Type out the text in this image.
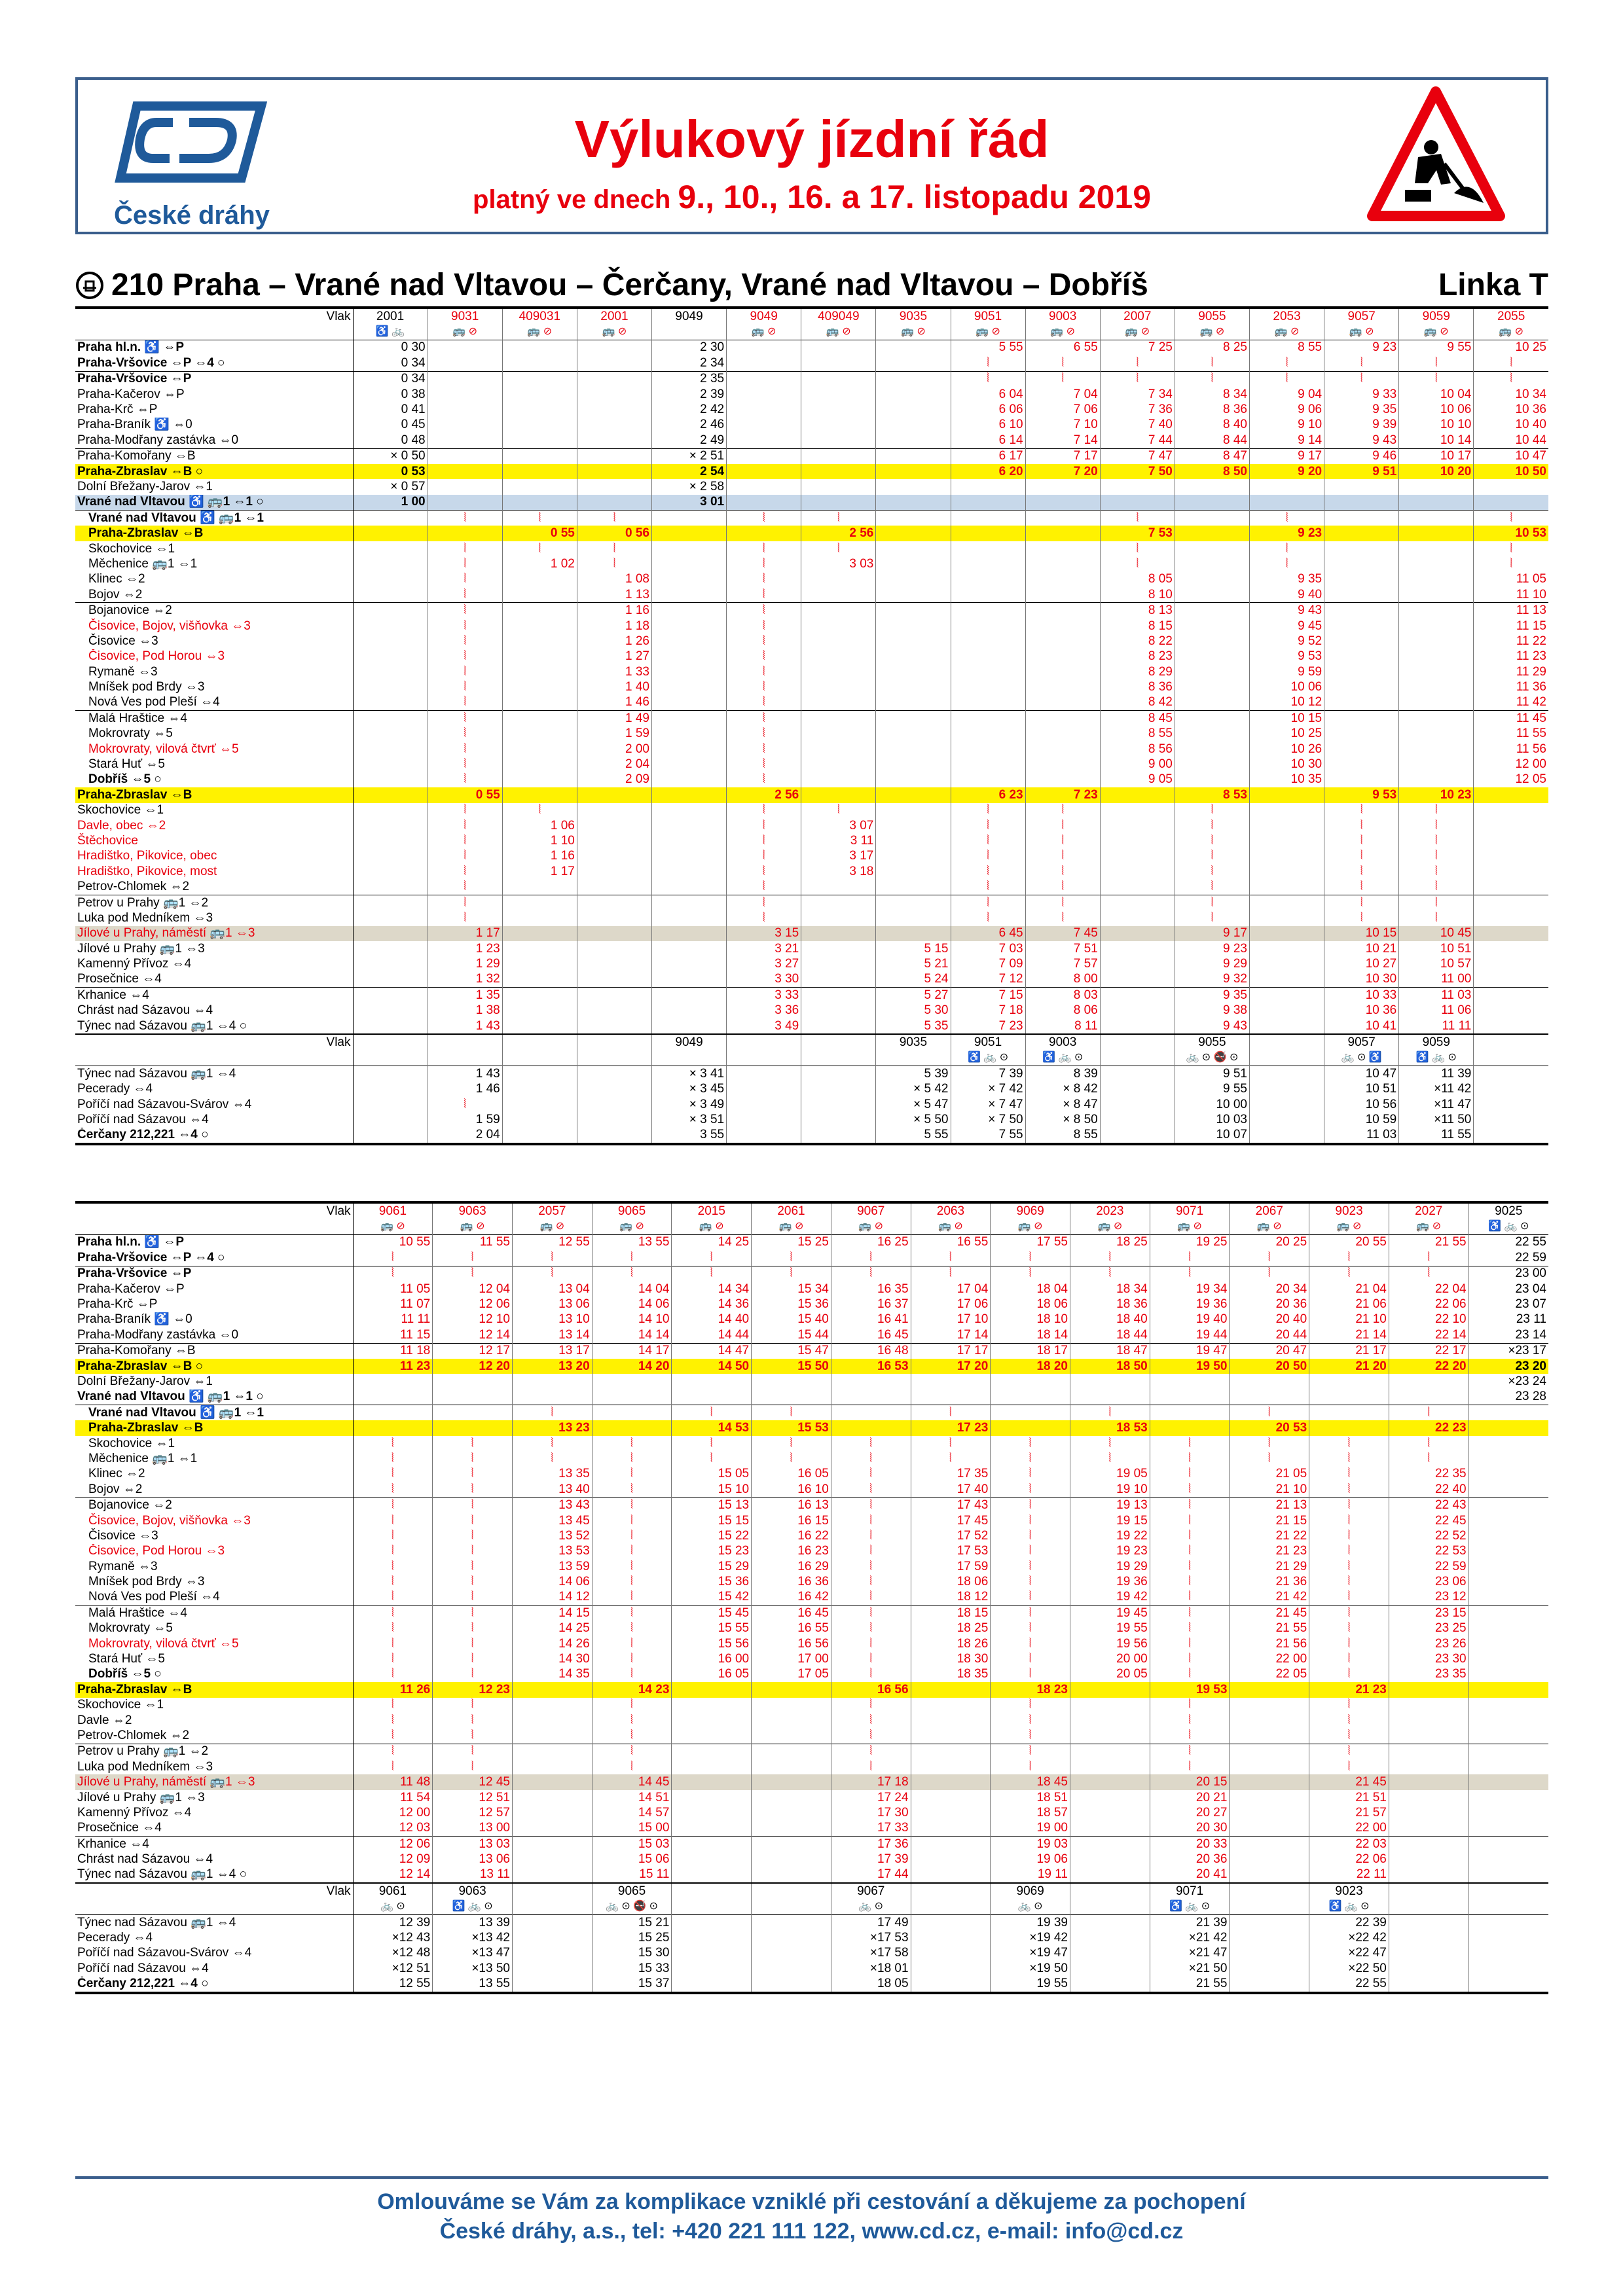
České dráhy
Výlukový jízdní řád
platný ve dnech 9., 10., 16. a 17. listopadu 2019
210 Praha – Vrané nad Vltavou – Čerčany, Vrané nad Vltavou – Dobříš	Linka T
Vlak	2001	9031	409031	2001	9049	9049	409049	9035	9051	9003	2007	9055	2053	9057	9059	2055
	♿ 🚲	🚌 ⊘	🚌 ⊘	🚌 ⊘		🚌 ⊘	🚌 ⊘	🚌 ⊘	🚌 ⊘	🚌 ⊘	🚌 ⊘	🚌 ⊘	🚌 ⊘	🚌 ⊘	🚌 ⊘	🚌 ⊘
Praha hl.n. ♿ ⇔P	0 30				2 30				5 55	6 55	7 25	8 25	8 55	9 23	9 55	10 25
Praha-Vršovice ⇔P ⇔4 ○	0 34				2 34				⦚	⦚	⦚	⦚	⦚	⦚	⦚	⦚
Praha-Vršovice ⇔P	0 34				2 35				⦚	⦚	⦚	⦚	⦚	⦚	⦚	⦚
Praha-Kačerov ⇔P	0 38				2 39				6 04	7 04	7 34	8 34	9 04	9 33	10 04	10 34
Praha-Krč ⇔P	0 41				2 42				6 06	7 06	7 36	8 36	9 06	9 35	10 06	10 36
Praha-Braník ♿ ⇔0	0 45				2 46				6 10	7 10	7 40	8 40	9 10	9 39	10 10	10 40
Praha-Modřany zastávka ⇔0	0 48				2 49				6 14	7 14	7 44	8 44	9 14	9 43	10 14	10 44
Praha-Komořany ⇔B	× 0 50				× 2 51				6 17	7 17	7 47	8 47	9 17	9 46	10 17	10 47
Praha-Zbraslav ⇔B ○	0 53				2 54				6 20	7 20	7 50	8 50	9 20	9 51	10 20	10 50
Dolní Břežany-Jarov ⇔1	× 0 57				× 2 58											
Vrané nad Vltavou ♿ 🚌1 ⇔1 ○	1 00				3 01											
Vrané nad Vltavou ♿ 🚌1 ⇔1		⦚	⦚	⦚		⦚	⦚				⦚		⦚			⦚
Praha-Zbraslav ⇔B			0 55	0 56			2 56				7 53		9 23			10 53
Skochovice ⇔1		⦚	⦚	⦚		⦚	⦚				⦚		⦚			⦚
Měchenice 🚌1 ⇔1		⦚	1 02	⦚		⦚	3 03				⦚		⦚			⦚
Klinec ⇔2		⦚		1 08		⦚					8 05		9 35			11 05
Bojov ⇔2		⦚		1 13		⦚					8 10		9 40			11 10
Bojanovice ⇔2		⦚		1 16		⦚					8 13		9 43			11 13
Čisovice, Bojov, višňovka ⇔3		⦚		1 18		⦚					8 15		9 45			11 15
Čisovice ⇔3		⦚		1 26		⦚					8 22		9 52			11 22
Čisovice, Pod Horou ⇔3		⦚		1 27		⦚					8 23		9 53			11 23
Rymaně ⇔3		⦚		1 33		⦚					8 29		9 59			11 29
Mníšek pod Brdy ⇔3		⦚		1 40		⦚					8 36		10 06			11 36
Nová Ves pod Pleší ⇔4		⦚		1 46		⦚					8 42		10 12			11 42
Malá Hraštice ⇔4		⦚		1 49		⦚					8 45		10 15			11 45
Mokrovraty ⇔5		⦚		1 59		⦚					8 55		10 25			11 55
Mokrovraty, vilová čtvrť ⇔5		⦚		2 00		⦚					8 56		10 26			11 56
Stará Huť ⇔5		⦚		2 04		⦚					9 00		10 30			12 00
Dobříš ⇔5 ○		⦚		2 09		⦚					9 05		10 35			12 05
Praha-Zbraslav ⇔B		0 55				2 56			6 23	7 23		8 53		9 53	10 23	
Skochovice ⇔1		⦚	⦚			⦚	⦚		⦚	⦚		⦚		⦚	⦚	
Davle, obec ⇔2		⦚	1 06			⦚	3 07		⦚	⦚		⦚		⦚	⦚	
Štěchovice		⦚	1 10			⦚	3 11		⦚	⦚		⦚		⦚	⦚	
Hradištko, Pikovice, obec		⦚	1 16			⦚	3 17		⦚	⦚		⦚		⦚	⦚	
Hradištko, Pikovice, most		⦚	1 17			⦚	3 18		⦚	⦚		⦚		⦚	⦚	
Petrov-Chlomek ⇔2		⦚				⦚			⦚	⦚		⦚		⦚	⦚	
Petrov u Prahy 🚌1 ⇔2		⦚				⦚			⦚	⦚		⦚		⦚	⦚	
Luka pod Medníkem ⇔3		⦚				⦚			⦚	⦚		⦚		⦚	⦚	
Jílové u Prahy, náměstí 🚌1 ⇔3		1 17				3 15			6 45	7 45		9 17		10 15	10 45	
Jílové u Prahy 🚌1 ⇔3		1 23				3 21		5 15	7 03	7 51		9 23		10 21	10 51	
Kamenný Přívoz ⇔4		1 29				3 27		5 21	7 09	7 57		9 29		10 27	10 57	
Prosečnice ⇔4		1 32				3 30		5 24	7 12	8 00		9 32		10 30	11 00	
Krhanice ⇔4		1 35				3 33		5 27	7 15	8 03		9 35		10 33	11 03	
Chrást nad Sázavou ⇔4		1 38				3 36		5 30	7 18	8 06		9 38		10 36	11 06	
Týnec nad Sázavou 🚌1 ⇔4 ○		1 43				3 49		5 35	7 23	8 11		9 43		10 41	11 11	
Vlak					9049			9035	9051	9003		9055		9057	9059	
									♿ 🚲 ⊙	♿ 🚲 ⊙		🚲 ⊙ 🚭 ⊙		🚲 ⊙ ♿	♿ 🚲 ⊙	
Týnec nad Sázavou 🚌1 ⇔4		1 43			× 3 41			5 39	7 39	8 39		9 51		10 47	11 39	
Pecerady ⇔4		1 46			× 3 45			× 5 42	× 7 42	× 8 42		9 55		10 51	×11 42	
Poříčí nad Sázavou-Svárov ⇔4		⦚			× 3 49			× 5 47	× 7 47	× 8 47		10 00		10 56	×11 47	
Poříčí nad Sázavou ⇔4		1 59			× 3 51			× 5 50	× 7 50	× 8 50		10 03		10 59	×11 50	
Čerčany 212,221 ⇔4 ○		2 04			3 55			5 55	7 55	8 55		10 07		11 03	11 55	
Vlak	9061	9063	2057	9065	2015	2061	9067	2063	9069	2023	9071	2067	9023	2027	9025
	🚌 ⊘	🚌 ⊘	🚌 ⊘	🚌 ⊘	🚌 ⊘	🚌 ⊘	🚌 ⊘	🚌 ⊘	🚌 ⊘	🚌 ⊘	🚌 ⊘	🚌 ⊘	🚌 ⊘	🚌 ⊘	♿ 🚲 ⊙
Praha hl.n. ♿ ⇔P	10 55	11 55	12 55	13 55	14 25	15 25	16 25	16 55	17 55	18 25	19 25	20 25	20 55	21 55	22 55
Praha-Vršovice ⇔P ⇔4 ○	⦚	⦚	⦚	⦚	⦚	⦚	⦚	⦚	⦚	⦚	⦚	⦚	⦚	⦚	22 59
Praha-Vršovice ⇔P	⦚	⦚	⦚	⦚	⦚	⦚	⦚	⦚	⦚	⦚	⦚	⦚	⦚	⦚	23 00
Praha-Kačerov ⇔P	11 05	12 04	13 04	14 04	14 34	15 34	16 35	17 04	18 04	18 34	19 34	20 34	21 04	22 04	23 04
Praha-Krč ⇔P	11 07	12 06	13 06	14 06	14 36	15 36	16 37	17 06	18 06	18 36	19 36	20 36	21 06	22 06	23 07
Praha-Braník ♿ ⇔0	11 11	12 10	13 10	14 10	14 40	15 40	16 41	17 10	18 10	18 40	19 40	20 40	21 10	22 10	23 11
Praha-Modřany zastávka ⇔0	11 15	12 14	13 14	14 14	14 44	15 44	16 45	17 14	18 14	18 44	19 44	20 44	21 14	22 14	23 14
Praha-Komořany ⇔B	11 18	12 17	13 17	14 17	14 47	15 47	16 48	17 17	18 17	18 47	19 47	20 47	21 17	22 17	×23 17
Praha-Zbraslav ⇔B ○	11 23	12 20	13 20	14 20	14 50	15 50	16 53	17 20	18 20	18 50	19 50	20 50	21 20	22 20	23 20
Dolní Břežany-Jarov ⇔1															×23 24
Vrané nad Vltavou ♿ 🚌1 ⇔1 ○															23 28
Vrané nad Vltavou ♿ 🚌1 ⇔1			⦚		⦚	⦚		⦚		⦚		⦚		⦚	
Praha-Zbraslav ⇔B			13 23		14 53	15 53		17 23		18 53		20 53		22 23	
Skochovice ⇔1	⦚	⦚	⦚	⦚	⦚	⦚	⦚	⦚	⦚	⦚	⦚	⦚	⦚	⦚	
Měchenice 🚌1 ⇔1	⦚	⦚	⦚	⦚	⦚	⦚	⦚	⦚	⦚	⦚	⦚	⦚	⦚	⦚	
Klinec ⇔2	⦚	⦚	13 35	⦚	15 05	16 05	⦚	17 35	⦚	19 05	⦚	21 05	⦚	22 35	
Bojov ⇔2	⦚	⦚	13 40	⦚	15 10	16 10	⦚	17 40	⦚	19 10	⦚	21 10	⦚	22 40	
Bojanovice ⇔2	⦚	⦚	13 43	⦚	15 13	16 13	⦚	17 43	⦚	19 13	⦚	21 13	⦚	22 43	
Čisovice, Bojov, višňovka ⇔3	⦚	⦚	13 45	⦚	15 15	16 15	⦚	17 45	⦚	19 15	⦚	21 15	⦚	22 45	
Čisovice ⇔3	⦚	⦚	13 52	⦚	15 22	16 22	⦚	17 52	⦚	19 22	⦚	21 22	⦚	22 52	
Čisovice, Pod Horou ⇔3	⦚	⦚	13 53	⦚	15 23	16 23	⦚	17 53	⦚	19 23	⦚	21 23	⦚	22 53	
Rymaně ⇔3	⦚	⦚	13 59	⦚	15 29	16 29	⦚	17 59	⦚	19 29	⦚	21 29	⦚	22 59	
Mníšek pod Brdy ⇔3	⦚	⦚	14 06	⦚	15 36	16 36	⦚	18 06	⦚	19 36	⦚	21 36	⦚	23 06	
Nová Ves pod Pleší ⇔4	⦚	⦚	14 12	⦚	15 42	16 42	⦚	18 12	⦚	19 42	⦚	21 42	⦚	23 12	
Malá Hraštice ⇔4	⦚	⦚	14 15	⦚	15 45	16 45	⦚	18 15	⦚	19 45	⦚	21 45	⦚	23 15	
Mokrovraty ⇔5	⦚	⦚	14 25	⦚	15 55	16 55	⦚	18 25	⦚	19 55	⦚	21 55	⦚	23 25	
Mokrovraty, vilová čtvrť ⇔5	⦚	⦚	14 26	⦚	15 56	16 56	⦚	18 26	⦚	19 56	⦚	21 56	⦚	23 26	
Stará Huť ⇔5	⦚	⦚	14 30	⦚	16 00	17 00	⦚	18 30	⦚	20 00	⦚	22 00	⦚	23 30	
Dobříš ⇔5 ○	⦚	⦚	14 35	⦚	16 05	17 05	⦚	18 35	⦚	20 05	⦚	22 05	⦚	23 35	
Praha-Zbraslav ⇔B	11 26	12 23		14 23			16 56		18 23		19 53		21 23		
Skochovice ⇔1	⦚	⦚		⦚			⦚		⦚		⦚		⦚		
Davle ⇔2	⦚	⦚		⦚			⦚		⦚		⦚		⦚		
Petrov-Chlomek ⇔2	⦚	⦚		⦚			⦚		⦚		⦚		⦚		
Petrov u Prahy 🚌1 ⇔2	⦚	⦚		⦚			⦚		⦚		⦚		⦚		
Luka pod Medníkem ⇔3	⦚	⦚		⦚			⦚		⦚		⦚		⦚		
Jílové u Prahy, náměstí 🚌1 ⇔3	11 48	12 45		14 45			17 18		18 45		20 15		21 45		
Jílové u Prahy 🚌1 ⇔3	11 54	12 51		14 51			17 24		18 51		20 21		21 51		
Kamenný Přívoz ⇔4	12 00	12 57		14 57			17 30		18 57		20 27		21 57		
Prosečnice ⇔4	12 03	13 00		15 00			17 33		19 00		20 30		22 00		
Krhanice ⇔4	12 06	13 03		15 03			17 36		19 03		20 33		22 03		
Chrást nad Sázavou ⇔4	12 09	13 06		15 06			17 39		19 06		20 36		22 06		
Týnec nad Sázavou 🚌1 ⇔4 ○	12 14	13 11		15 11			17 44		19 11		20 41		22 11		
Vlak	9061	9063		9065			9067		9069		9071		9023		
	🚲 ⊙	♿ 🚲 ⊙		🚲 ⊙ 🚭 ⊙			🚲 ⊙		🚲 ⊙		♿ 🚲 ⊙		♿ 🚲 ⊙		
Týnec nad Sázavou 🚌1 ⇔4	12 39	13 39		15 21			17 49		19 39		21 39		22 39		
Pecerady ⇔4	×12 43	×13 42		15 25			×17 53		×19 42		×21 42		×22 42		
Poříčí nad Sázavou-Svárov ⇔4	×12 48	×13 47		15 30			×17 58		×19 47		×21 47		×22 47		
Poříčí nad Sázavou ⇔4	×12 51	×13 50		15 33			×18 01		×19 50		×21 50		×22 50		
Čerčany 212,221 ⇔4 ○	12 55	13 55		15 37			18 05		19 55		21 55		22 55		
Omlouváme se Vám za komplikace vzniklé při cestování a děkujeme za pochopení
České dráhy, a.s., tel: +420 221 111 122, www.cd.cz, e-mail: info@cd.cz
